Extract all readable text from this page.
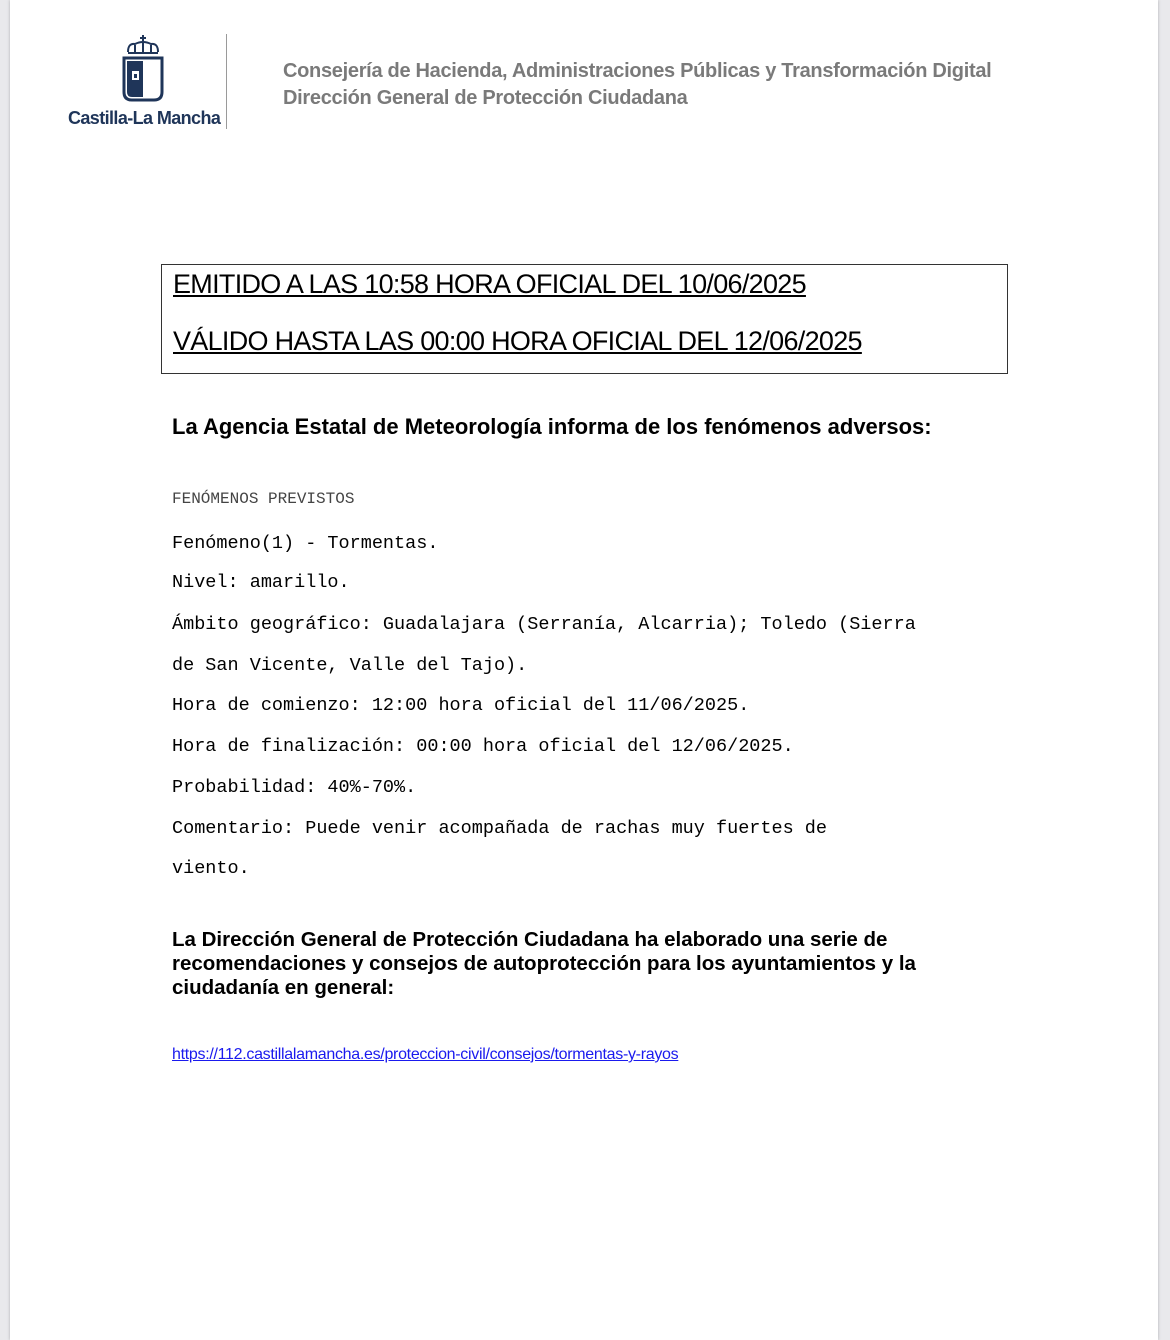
Castilla-La Mancha
Consejería de Hacienda, Administraciones Públicas y Transformación Digital
Dirección General de Protección Ciudadana
EMITIDO A LAS 10:58 HORA OFICIAL DEL 10/06/2025
VÁLIDO HASTA LAS 00:00 HORA OFICIAL DEL 12/06/2025
La Agencia Estatal de Meteorología informa de los fenómenos adversos:
FENÓMENOS PREVISTOS
Fenómeno(1) - Tormentas.
Nivel: amarillo.
Ámbito geográfico: Guadalajara (Serranía, Alcarria); Toledo (Sierra
de San Vicente, Valle del Tajo).
Hora de comienzo: 12:00 hora oficial del 11/06/2025.
Hora de finalización: 00:00 hora oficial del 12/06/2025.
Probabilidad: 40%-70%.
Comentario: Puede venir acompañada de rachas muy fuertes de
viento.
La Dirección General de Protección Ciudadana ha elaborado una serie de recomendaciones y consejos de autoprotección para los ayuntamientos y la ciudadanía en general:
https://112.castillalamancha.es/proteccion-civil/consejos/tormentas-y-rayos
